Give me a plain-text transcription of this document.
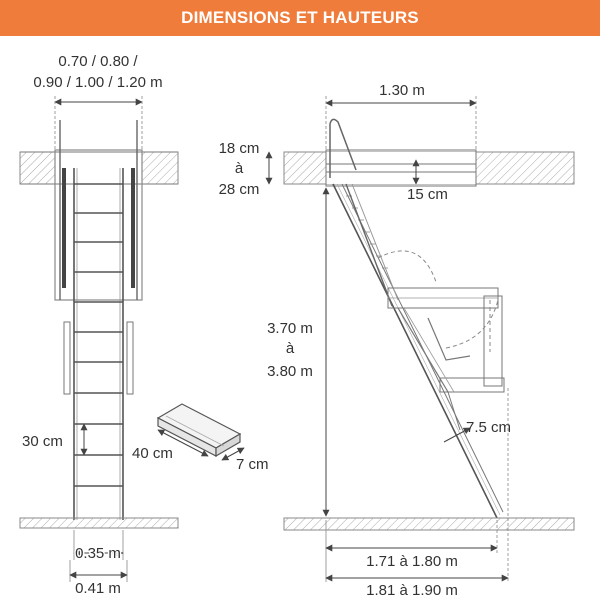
DIMENSIONS ET HAUTEURS
0.70 / 0.80 /
0.90 / 1.00 / 1.20 m
30 cm
0.35 m
0.41 m
40 cm
7 cm
1.30 m
18 cm
à
28 cm	15 cm
3.70 m
à
3.80 m
7.5 cm
1.71 à 1.80 m
1.81 à 1.90 m
